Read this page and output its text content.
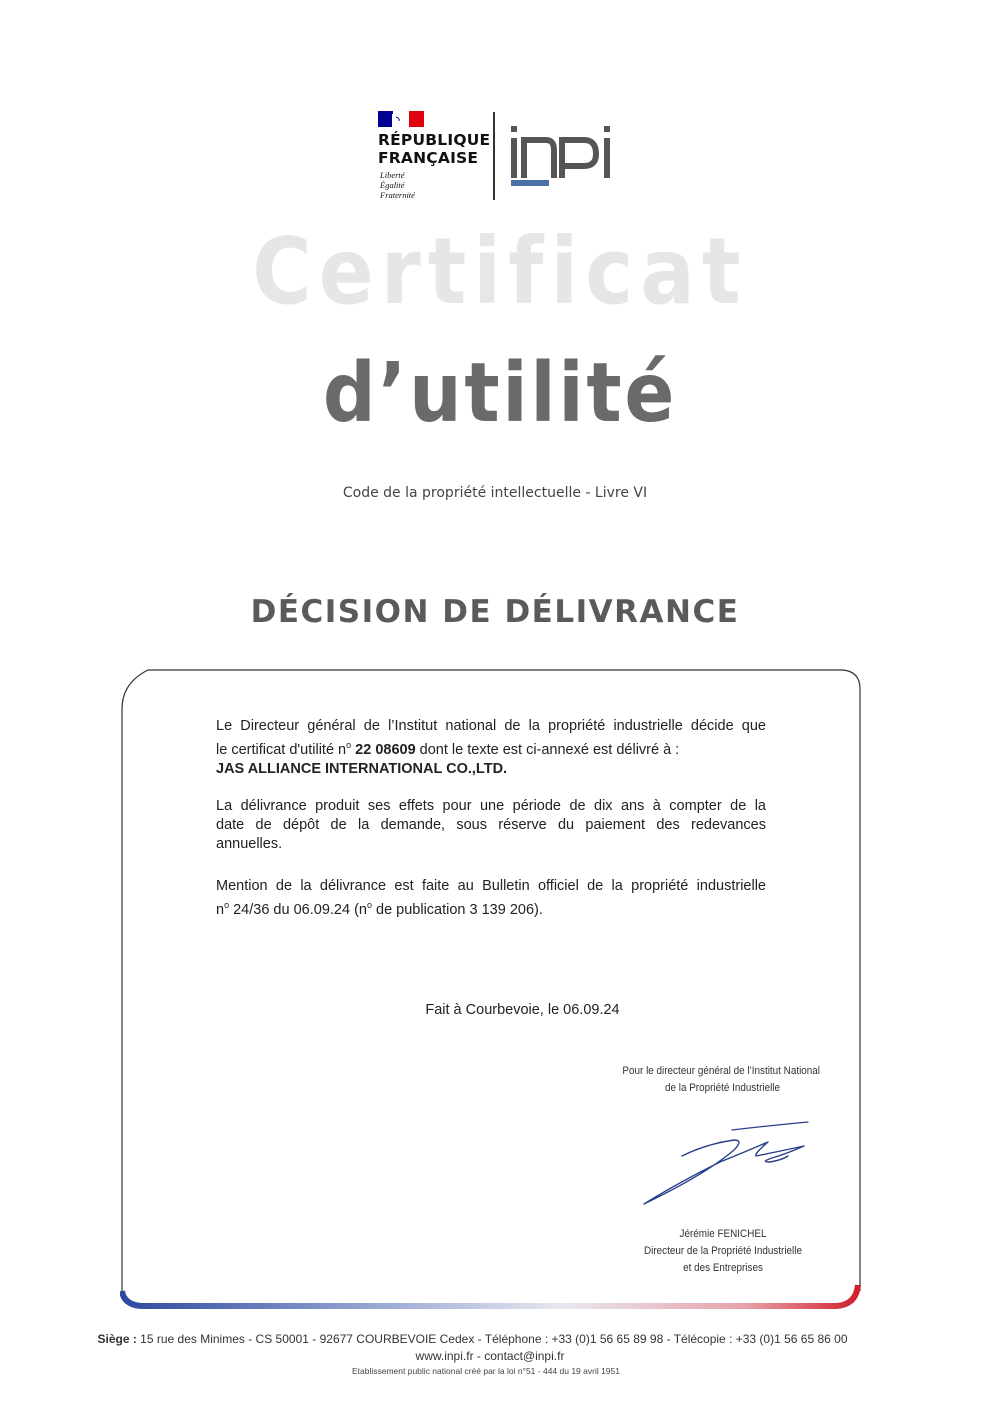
RÉPUBLIQUE
FRANÇAISE
Liberté
Égalité
Fraternité
Certificat
d’utilité
Code de la propriété intellectuelle - Livre VI
DÉCISION DE DÉLIVRANCE
Le Directeur général de l’Institut national de la propriété industrielle décide que
le certificat d'utilité $n^o$ 22 08609 dont le texte est ci-annexé est délivré à :
JAS ALLIANCE INTERNATIONAL CO.,LTD.
La délivrance produit ses effets pour une période de dix ans à compter de la
date de dépôt de la demande, sous réserve du paiement des redevances
annuelles.
Mention de la délivrance est faite au Bulletin officiel de la propriété industrielle
$n^o$ 24/36 du 06.09.24 ($n^o$ de publication 3 139 206).
Fait à Courbevoie, le 06.09.24
Pour le directeur général de l’Institut National
de la Propriété Industrielle
Jérémie FENICHEL
Directeur de la Propriété Industrielle
et des Entreprises
Siège : 15 rue des Minimes - CS 50001 - 92677 COURBEVOIE Cedex - Téléphone : +33 (0)1 56 65 89 98 - Télécopie : +33 (0)1 56 65 86 00
www.inpi.fr - contact@inpi.fr
Etablissement public national créé par la loi n°51 - 444 du 19 avril 1951
